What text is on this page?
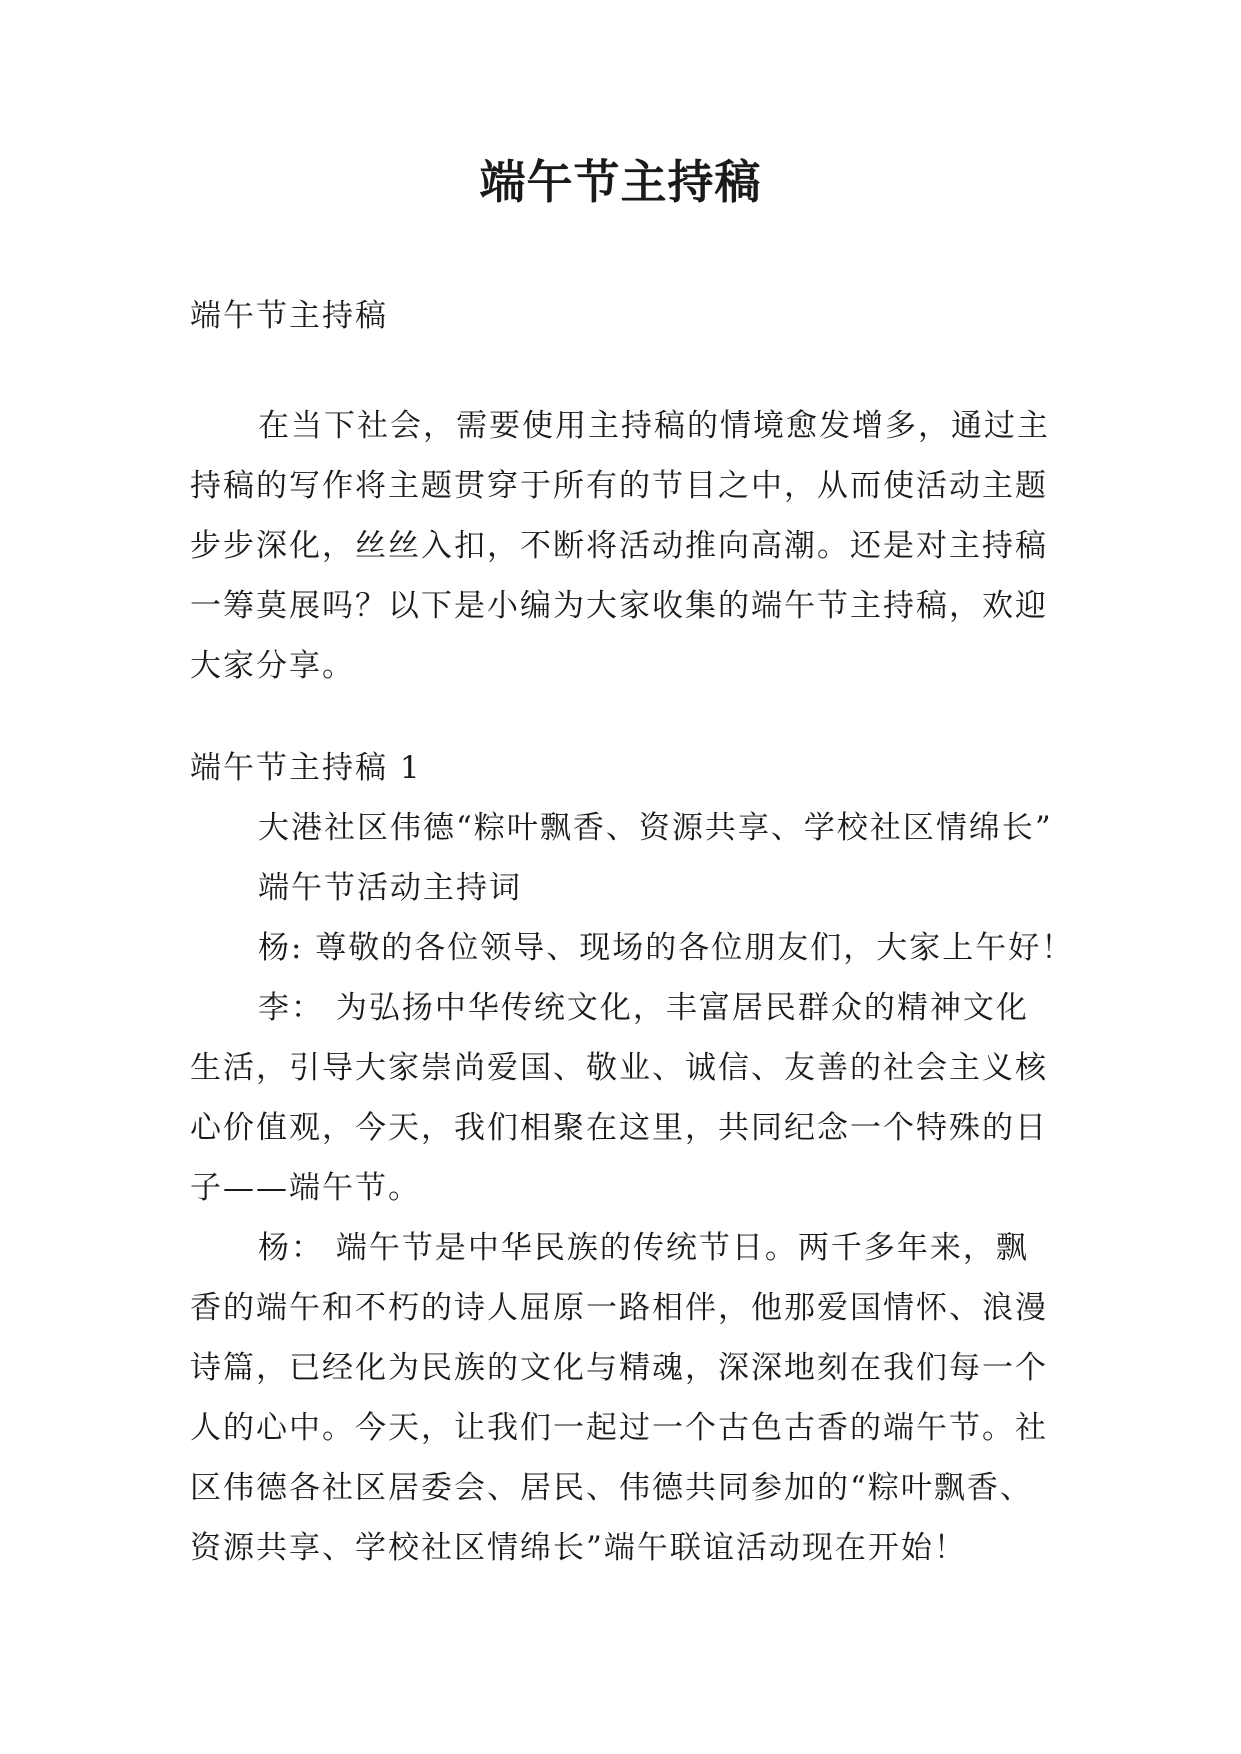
端午节主持稿
端午节主持稿
在当下社会，需要使用主持稿的情境愈发增多，通过主
持稿的写作将主题贯穿于所有的节目之中，从而使活动主题
步步深化，丝丝入扣，不断将活动推向高潮。还是对主持稿
一筹莫展吗？以下是小编为大家收集的端午节主持稿，欢迎
大家分享。
端午节主持稿 1
大港社区伟德“粽叶飘香、资源共享、学校社区情绵长”
端午节活动主持词
杨: 尊敬的各位领导、现场的各位朋友们，大家上午好！
李： 为弘扬中华传统文化，丰富居民群众的精神文化
生活，引导大家崇尚爱国、敬业、诚信、友善的社会主义核
心价值观，今天，我们相聚在这里，共同纪念一个特殊的日
子——端午节。
杨： 端午节是中华民族的传统节日。两千多年来，飘
香的端午和不朽的诗人屈原一路相伴，他那爱国情怀、浪漫
诗篇，已经化为民族的文化与精魂，深深地刻在我们每一个
人的心中。今天，让我们一起过一个古色古香的端午节。社
区伟德各社区居委会、居民、伟德共同参加的“粽叶飘香、
资源共享、学校社区情绵长”端午联谊活动现在开始！
